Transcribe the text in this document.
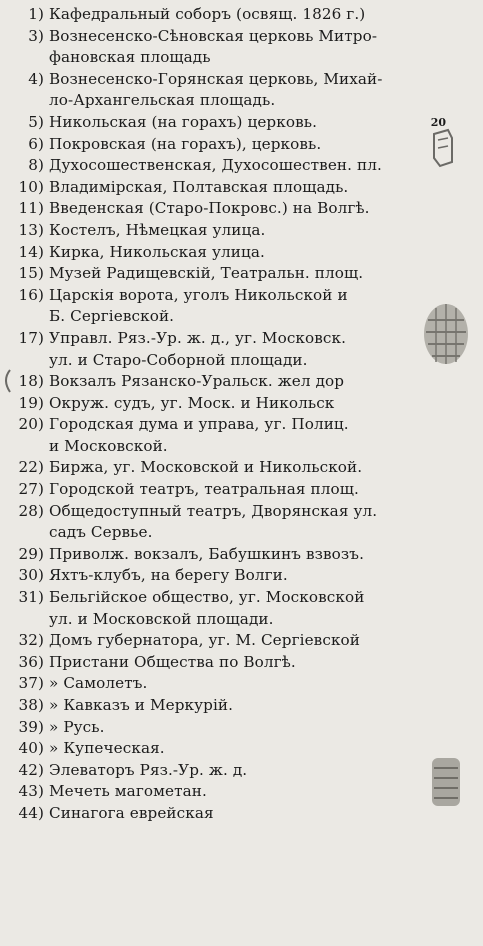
1) Кафедральный соборъ (освящ. 1826 г.)
3) Вознесенско-Сѣновская церковь Митро-
фановская площадь
4) Вознесенско-Горянская церковь, Михай-
ло-Архангельская площадь.
5) Никольская (на горахъ) церковь.
6) Покровская (на горахъ), церковь.
8) Духосошественская, Духосошествен. пл.
10) Владимірская, Полтавская площадь.
11) Введенская (Старо-Покровс.) на Волгѣ.
13) Костелъ, Нѣмецкая улица.
14) Кирка, Никольская улица.
15) Музей Радищевскій, Театральн. площ.
16) Царскія ворота, уголъ Никольской и
Б. Сергіевской.
17) Управл. Ряз.-Ур. ж. д., уг. Московск.
ул. и Старо-Соборной площади.
18) Вокзалъ Рязанско-Уральск. жел дор
19) Окруж. судъ, уг. Моск. и Никольск
20) Городская дума и управа, уг. Полиц.
и Московской.
22) Биржа, уг. Московской и Никольской.
27) Городской театръ, театральная площ.
28) Общедоступный театръ, Дворянская ул.
садъ Сервье.
29) Приволж. вокзалъ, Бабушкинъ взвозъ.
30) Яхтъ-клубъ, на берегу Волги.
31) Бельгійское общество, уг. Московской
ул. и Московской площади.
32) Домъ губернатора, уг. М. Сергіевской
36) Пристани Общества по Волгѣ.
37) » Самолетъ.
38) » Кавказъ и Меркурій.
39) » Русь.
40) » Купеческая.
42) Элеваторъ Ряз.-Ур. ж. д.
43) Мечеть магометан.
44) Синагога еврейская
20
